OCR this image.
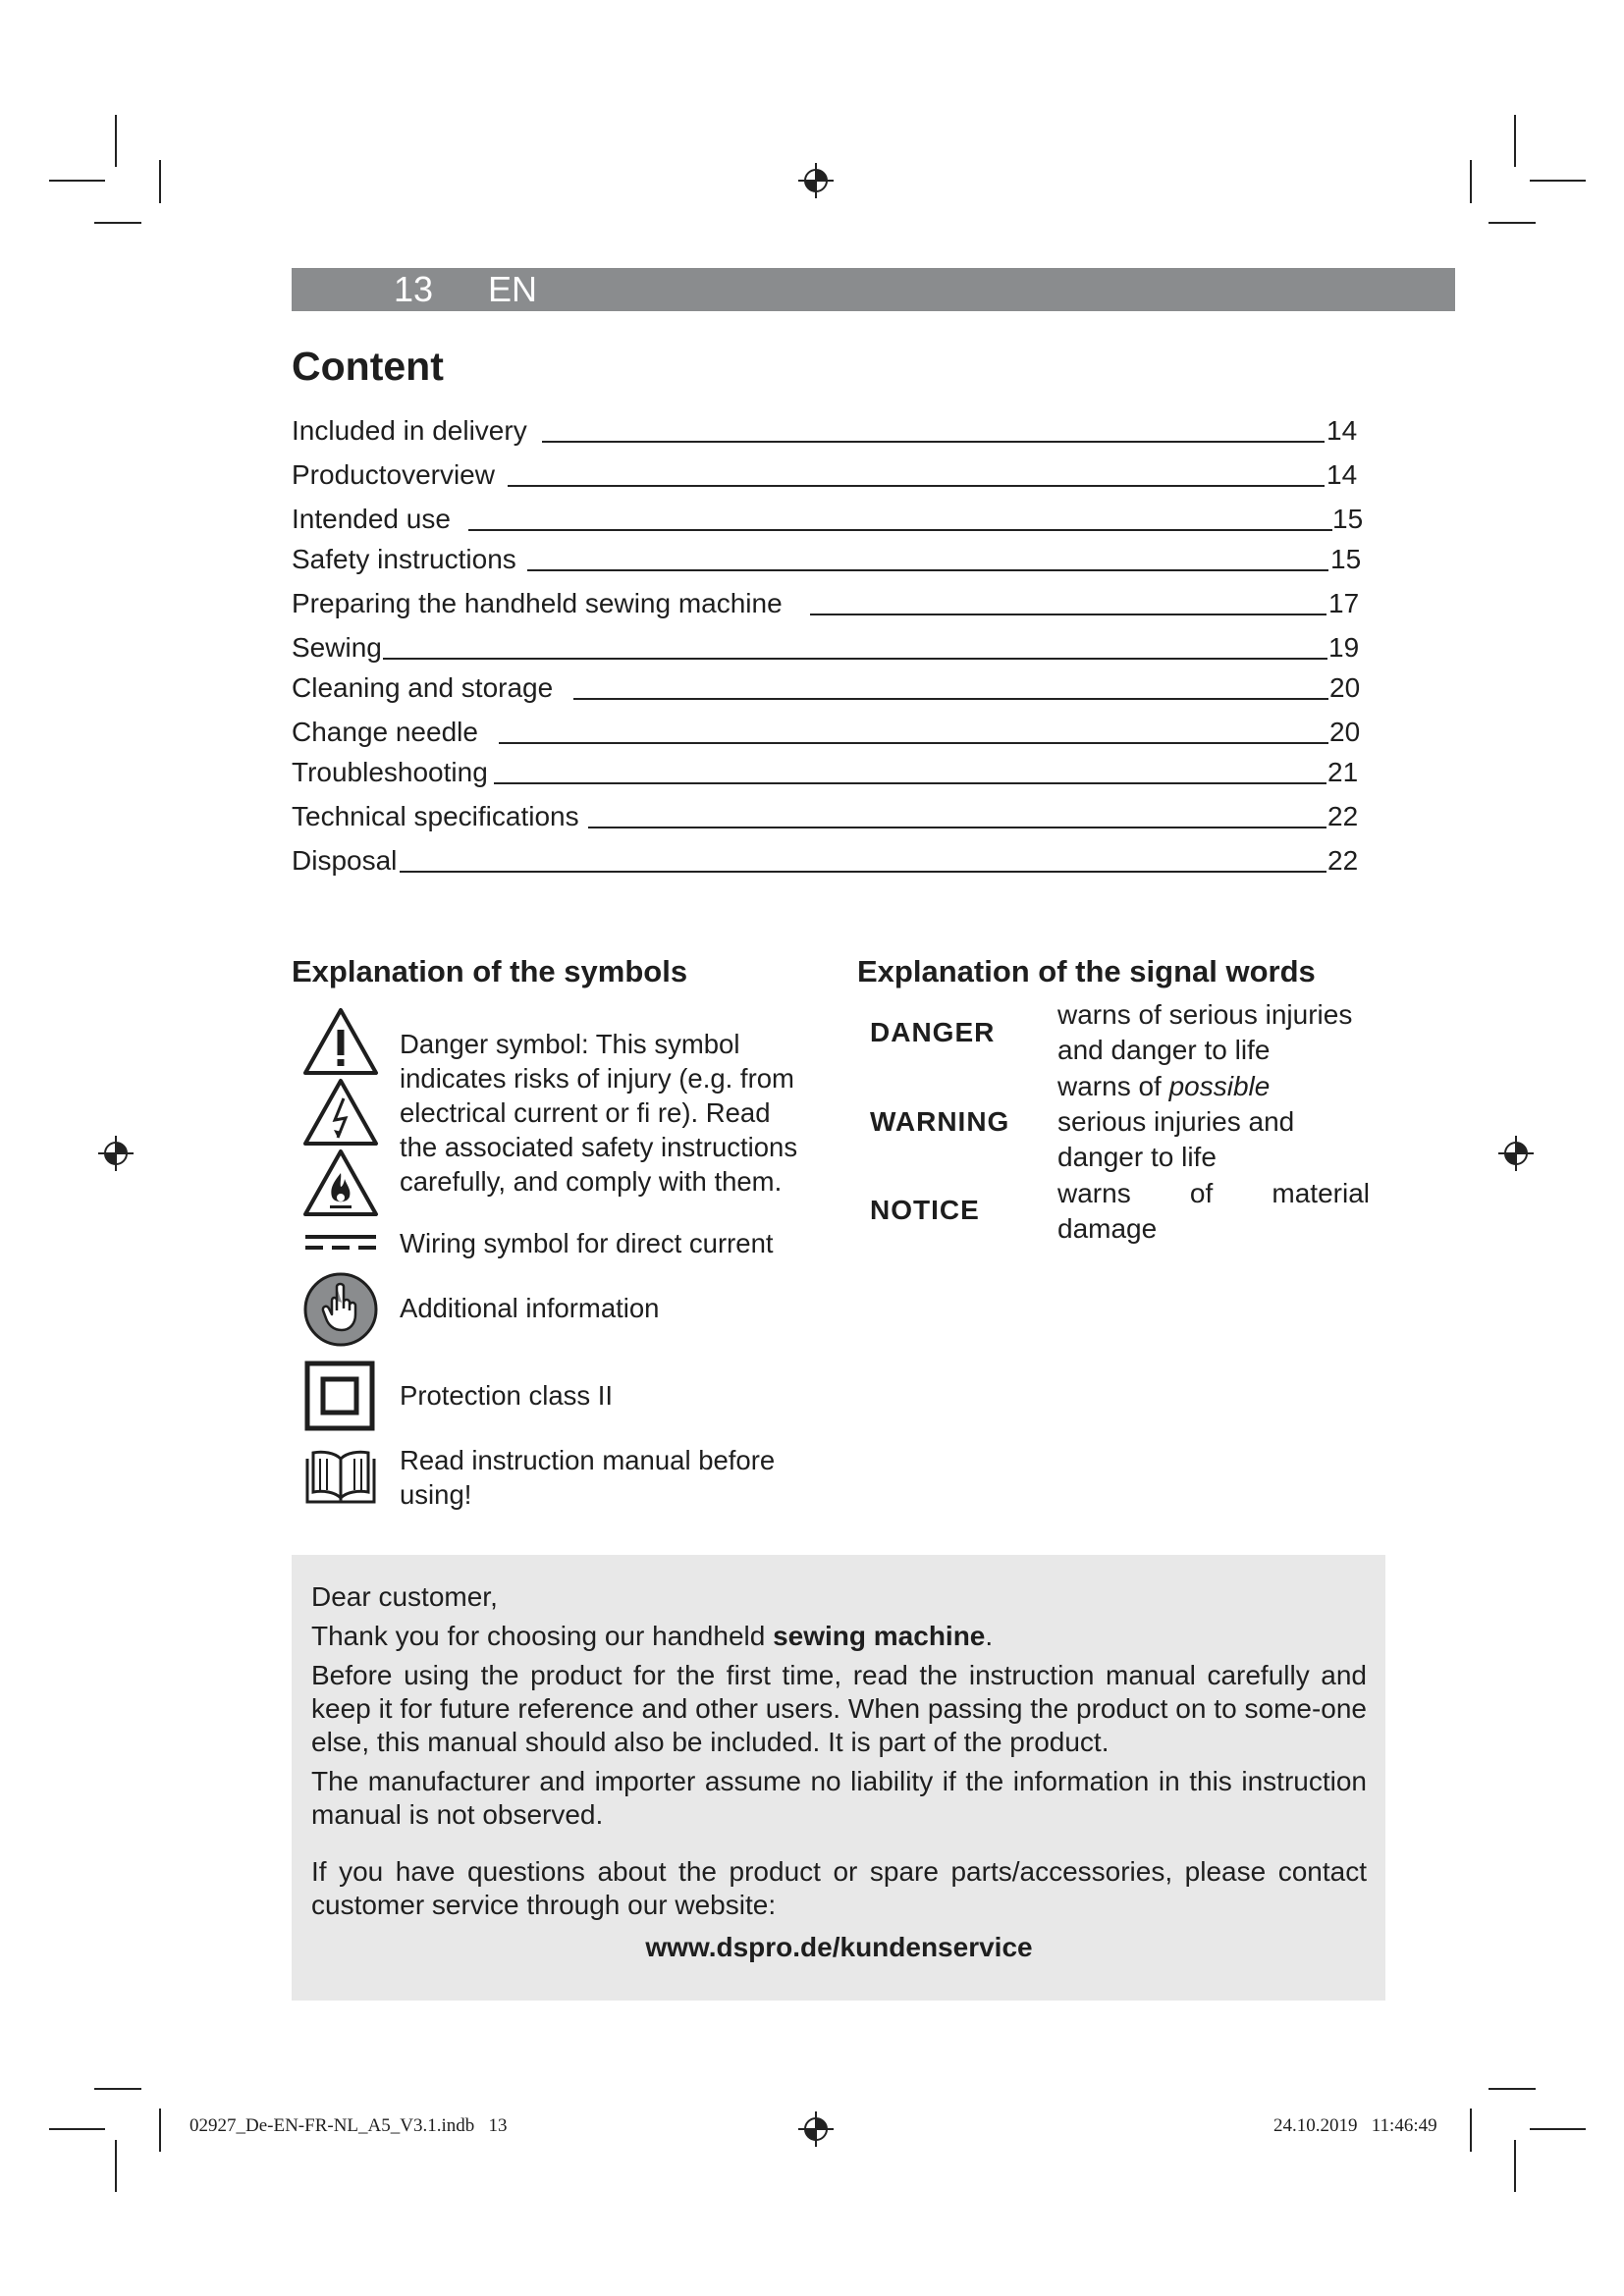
13 EN
Content
Included in delivery	14
Productoverview	14
Intended use	15
Safety instructions	15
Preparing the handheld sewing machine	17
Sewing	19
Cleaning and storage	20
Change needle	20
Troubleshooting	21
Technical specifications	22
Disposal	22
Explanation of the symbols
Danger symbol: This symbol indicates risks of injury (e.g. from electrical current or fi re). Read the associated safety instructions carefully, and comply with them.
Wiring symbol for direct current
Additional information
Protection class II
Read instruction manual before using!
Explanation of the signal words
DANGER
warns of serious injuries and danger to life
WARNING
warns of possible serious injuries and danger to life
NOTICE
warns of material damage
Dear customer,
Thank you for choosing our handheld sewing machine.
Before using the product for the first time, read the instruction manual carefully and keep it for future reference and other users. When passing the product on to some-one else, this manual should also be included. It is part of the product.
The manufacturer and importer assume no liability if the information in this instruction manual is not observed.
If you have questions about the product or spare parts/accessories, please contact customer service through our website:
www.dspro.de/kundenservice
02927_De-EN-FR-NL_A5_V3.1.indb   13	24.10.2019   11:46:49
